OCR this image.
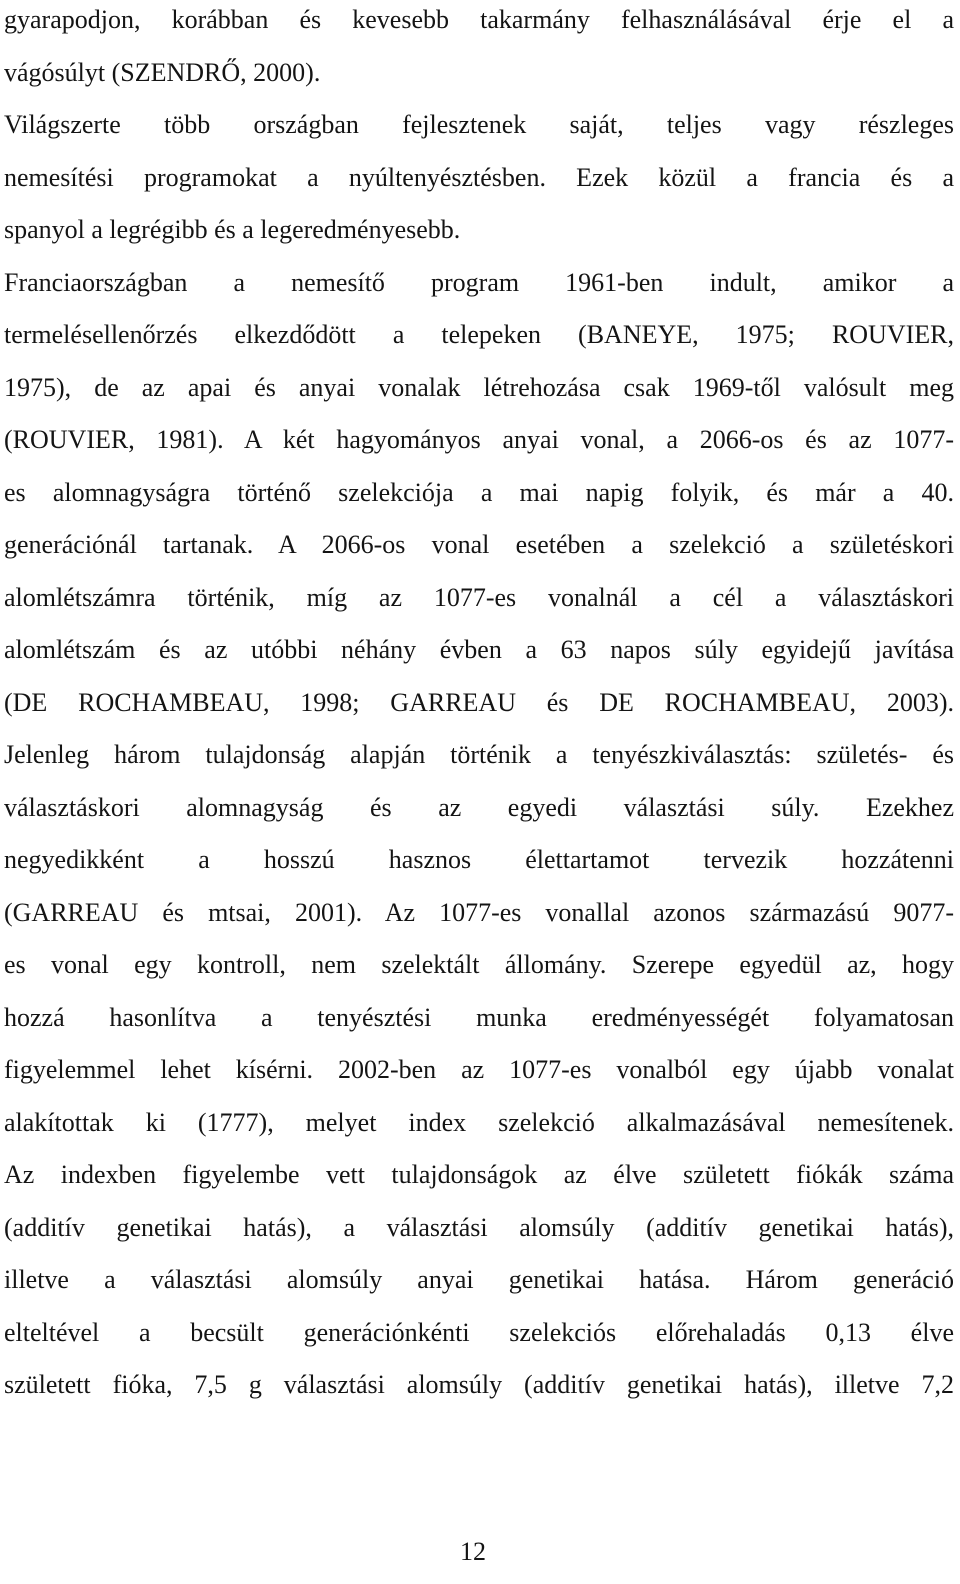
gyarapodjon, korábban és kevesebb takarmány felhasználásával érje el a
vágósúlyt (SZENDRŐ, 2000).
Világszerte több országban fejlesztenek saját, teljes vagy részleges
nemesítési programokat a nyúltenyésztésben. Ezek közül a francia és a
spanyol a legrégibb és a legeredményesebb.
Franciaországban a nemesítő program 1961-ben indult, amikor a
termelésellenőrzés elkezdődött a telepeken (BANEYE, 1975; ROUVIER,
1975), de az apai és anyai vonalak létrehozása csak 1969-től valósult meg
(ROUVIER, 1981). A két hagyományos anyai vonal, a 2066-os és az 1077-
es alomnagyságra történő szelekciója a mai napig folyik, és már a 40.
generációnál tartanak. A 2066-os vonal esetében a szelekció a születéskori
alomlétszámra történik, míg az 1077-es vonalnál a cél a választáskori
alomlétszám és az utóbbi néhány évben a 63 napos súly egyidejű javítása
(DE ROCHAMBEAU, 1998; GARREAU és DE ROCHAMBEAU, 2003).
Jelenleg három tulajdonság alapján történik a tenyészkiválasztás: születés- és
választáskori alomnagyság és az egyedi választási súly. Ezekhez
negyedikként a hosszú hasznos élettartamot tervezik hozzátenni
(GARREAU és mtsai, 2001). Az 1077-es vonallal azonos származású 9077-
es vonal egy kontroll, nem szelektált állomány. Szerepe egyedül az, hogy
hozzá hasonlítva a tenyésztési munka eredményességét folyamatosan
figyelemmel lehet kísérni. 2002-ben az 1077-es vonalból egy újabb vonalat
alakítottak ki (1777), melyet index szelekció alkalmazásával nemesítenek.
Az indexben figyelembe vett tulajdonságok az élve született fiókák száma
(additív genetikai hatás), a választási alomsúly (additív genetikai hatás),
illetve a választási alomsúly anyai genetikai hatása. Három generáció
elteltével a becsült generációnkénti szelekciós előrehaladás 0,13 élve
született fióka, 7,5 g választási alomsúly (additív genetikai hatás), illetve 7,2
12
